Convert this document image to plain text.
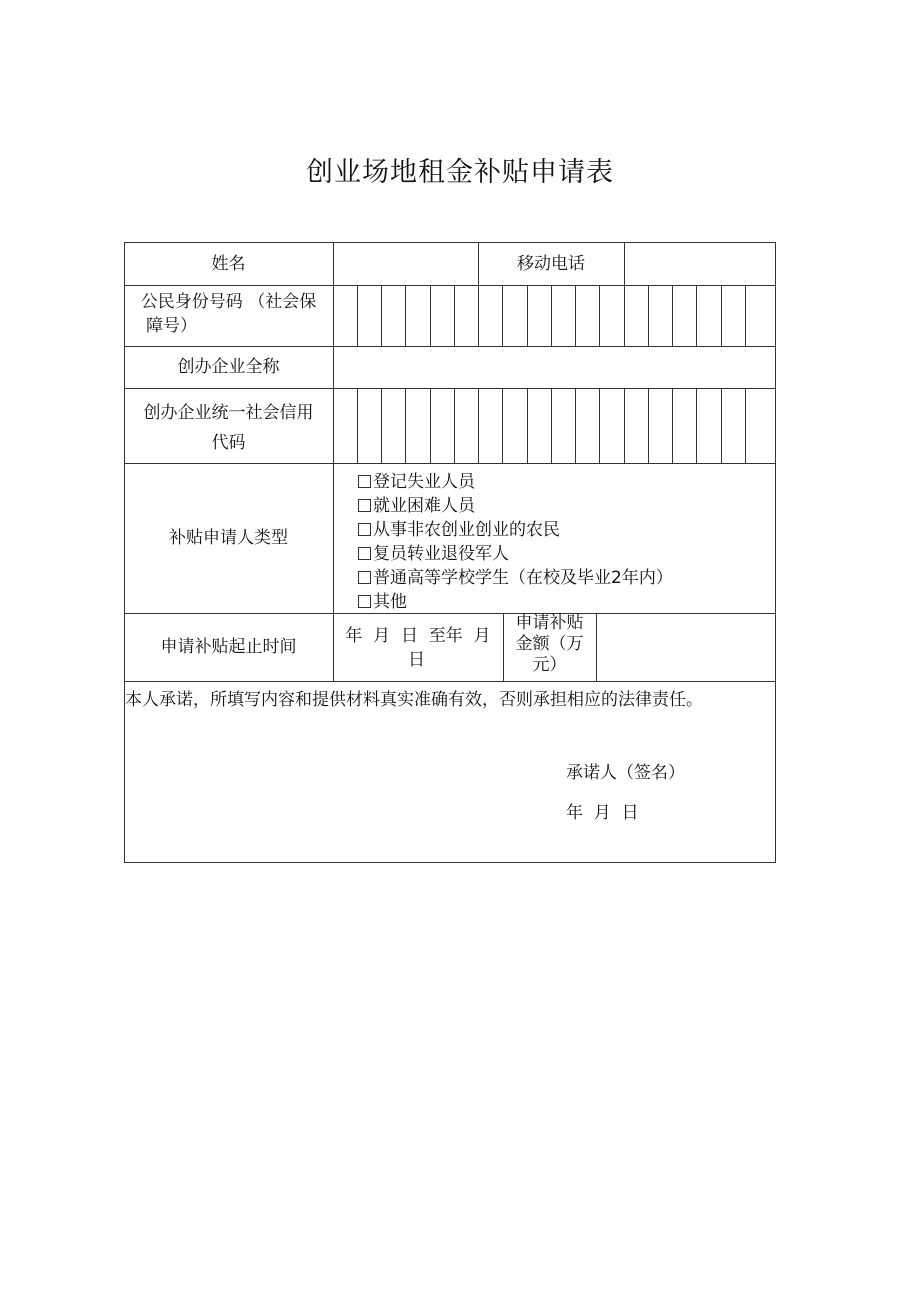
创业场地租金补贴申请表
姓名	移动电话
公民身份号码 （社会保
障号）
创办企业全称
创办企业统一社会信用
代码
补贴申请人类型
登记失业人员
就业困难人员
从事非农创业创业的农民
复员转业退役军人
普通高等学校学生（在校及毕业2年内）
其他
申请补贴起止时间
年  月  日  至年  月
日
申请补贴
金额（万
元）
本人承诺，所填写内容和提供材料真实准确有效，否则承担相应的法律责任。
承诺人（签名）
年  月  日
